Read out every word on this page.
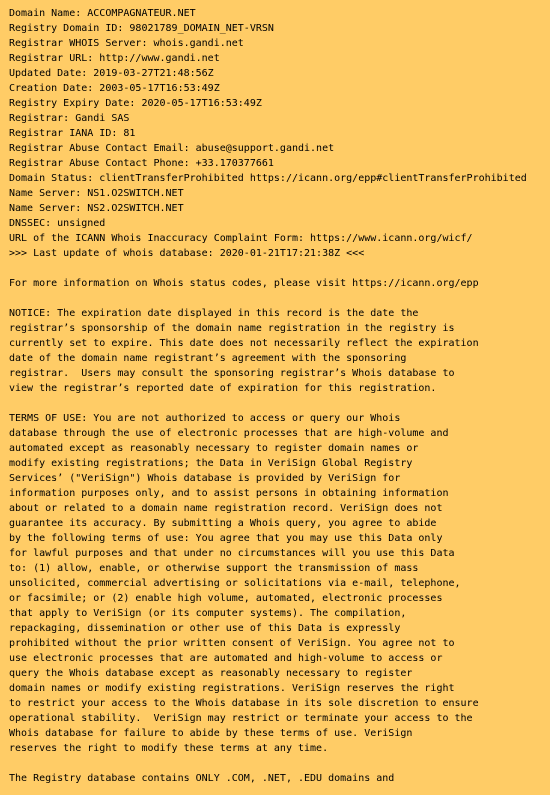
Domain Name: ACCOMPAGNATEUR.NET
Registry Domain ID: 98021789_DOMAIN_NET-VRSN
Registrar WHOIS Server: whois.gandi.net
Registrar URL: http://www.gandi.net
Updated Date: 2019-03-27T21:48:56Z
Creation Date: 2003-05-17T16:53:49Z
Registry Expiry Date: 2020-05-17T16:53:49Z
Registrar: Gandi SAS
Registrar IANA ID: 81
Registrar Abuse Contact Email: abuse@support.gandi.net
Registrar Abuse Contact Phone: +33.170377661
Domain Status: clientTransferProhibited https://icann.org/epp#clientTransferProhibited
Name Server: NS1.O2SWITCH.NET
Name Server: NS2.O2SWITCH.NET
DNSSEC: unsigned
URL of the ICANN Whois Inaccuracy Complaint Form: https://www.icann.org/wicf/
>>> Last update of whois database: 2020-01-21T17:21:38Z <<<
For more information on Whois status codes, please visit https://icann.org/epp
NOTICE: The expiration date displayed in this record is the date the
registrar’s sponsorship of the domain name registration in the registry is
currently set to expire. This date does not necessarily reflect the expiration
date of the domain name registrant’s agreement with the sponsoring
registrar.  Users may consult the sponsoring registrar’s Whois database to
view the registrar’s reported date of expiration for this registration.
TERMS OF USE: You are not authorized to access or query our Whois
database through the use of electronic processes that are high-volume and
automated except as reasonably necessary to register domain names or
modify existing registrations; the Data in VeriSign Global Registry
Services’ ("VeriSign") Whois database is provided by VeriSign for
information purposes only, and to assist persons in obtaining information
about or related to a domain name registration record. VeriSign does not
guarantee its accuracy. By submitting a Whois query, you agree to abide
by the following terms of use: You agree that you may use this Data only
for lawful purposes and that under no circumstances will you use this Data
to: (1) allow, enable, or otherwise support the transmission of mass
unsolicited, commercial advertising or solicitations via e-mail, telephone,
or facsimile; or (2) enable high volume, automated, electronic processes
that apply to VeriSign (or its computer systems). The compilation,
repackaging, dissemination or other use of this Data is expressly
prohibited without the prior written consent of VeriSign. You agree not to
use electronic processes that are automated and high-volume to access or
query the Whois database except as reasonably necessary to register
domain names or modify existing registrations. VeriSign reserves the right
to restrict your access to the Whois database in its sole discretion to ensure
operational stability.  VeriSign may restrict or terminate your access to the
Whois database for failure to abide by these terms of use. VeriSign
reserves the right to modify these terms at any time.
The Registry database contains ONLY .COM, .NET, .EDU domains and
